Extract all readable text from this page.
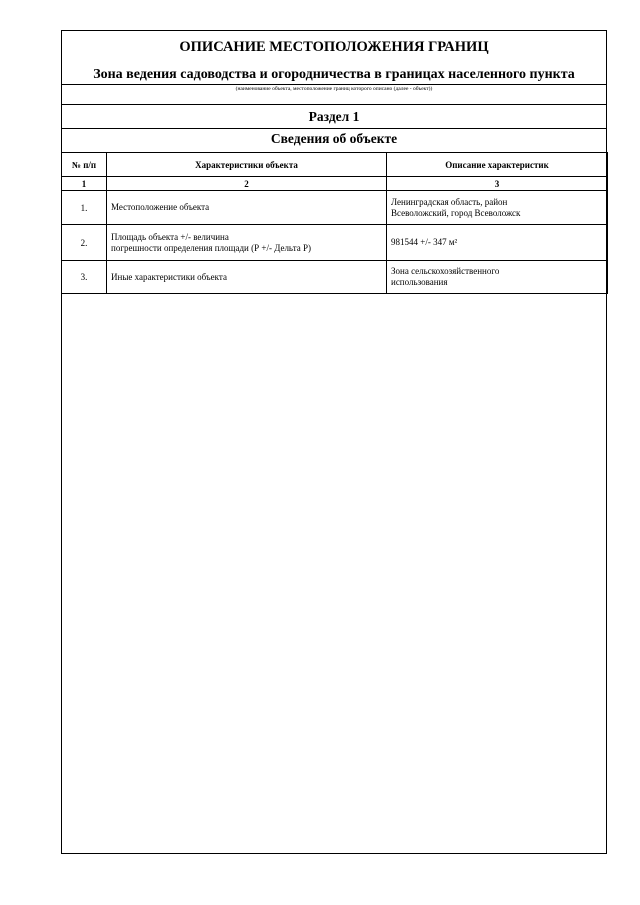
ОПИСАНИЕ МЕСТОПОЛОЖЕНИЯ ГРАНИЦ
Зона ведения садоводства и огородничества в границах населенного пункта
(наименование объекта, местоположение границ которого описано (далее - объект))
Раздел 1
Сведения об объекте
№ п/п	Характеристики объекта	Описание характеристик
1	2	3
1.	Местоположение объекта	Ленинградская область, район
Всеволожский, город Всеволожск

2.	Площадь объекта +/- величина
погрешности определения площади (Р +/- Дельта Р)	981544 +/- 347 м²

3.	Иные характеристики объекта	Зона сельскохозяйственного
использования
